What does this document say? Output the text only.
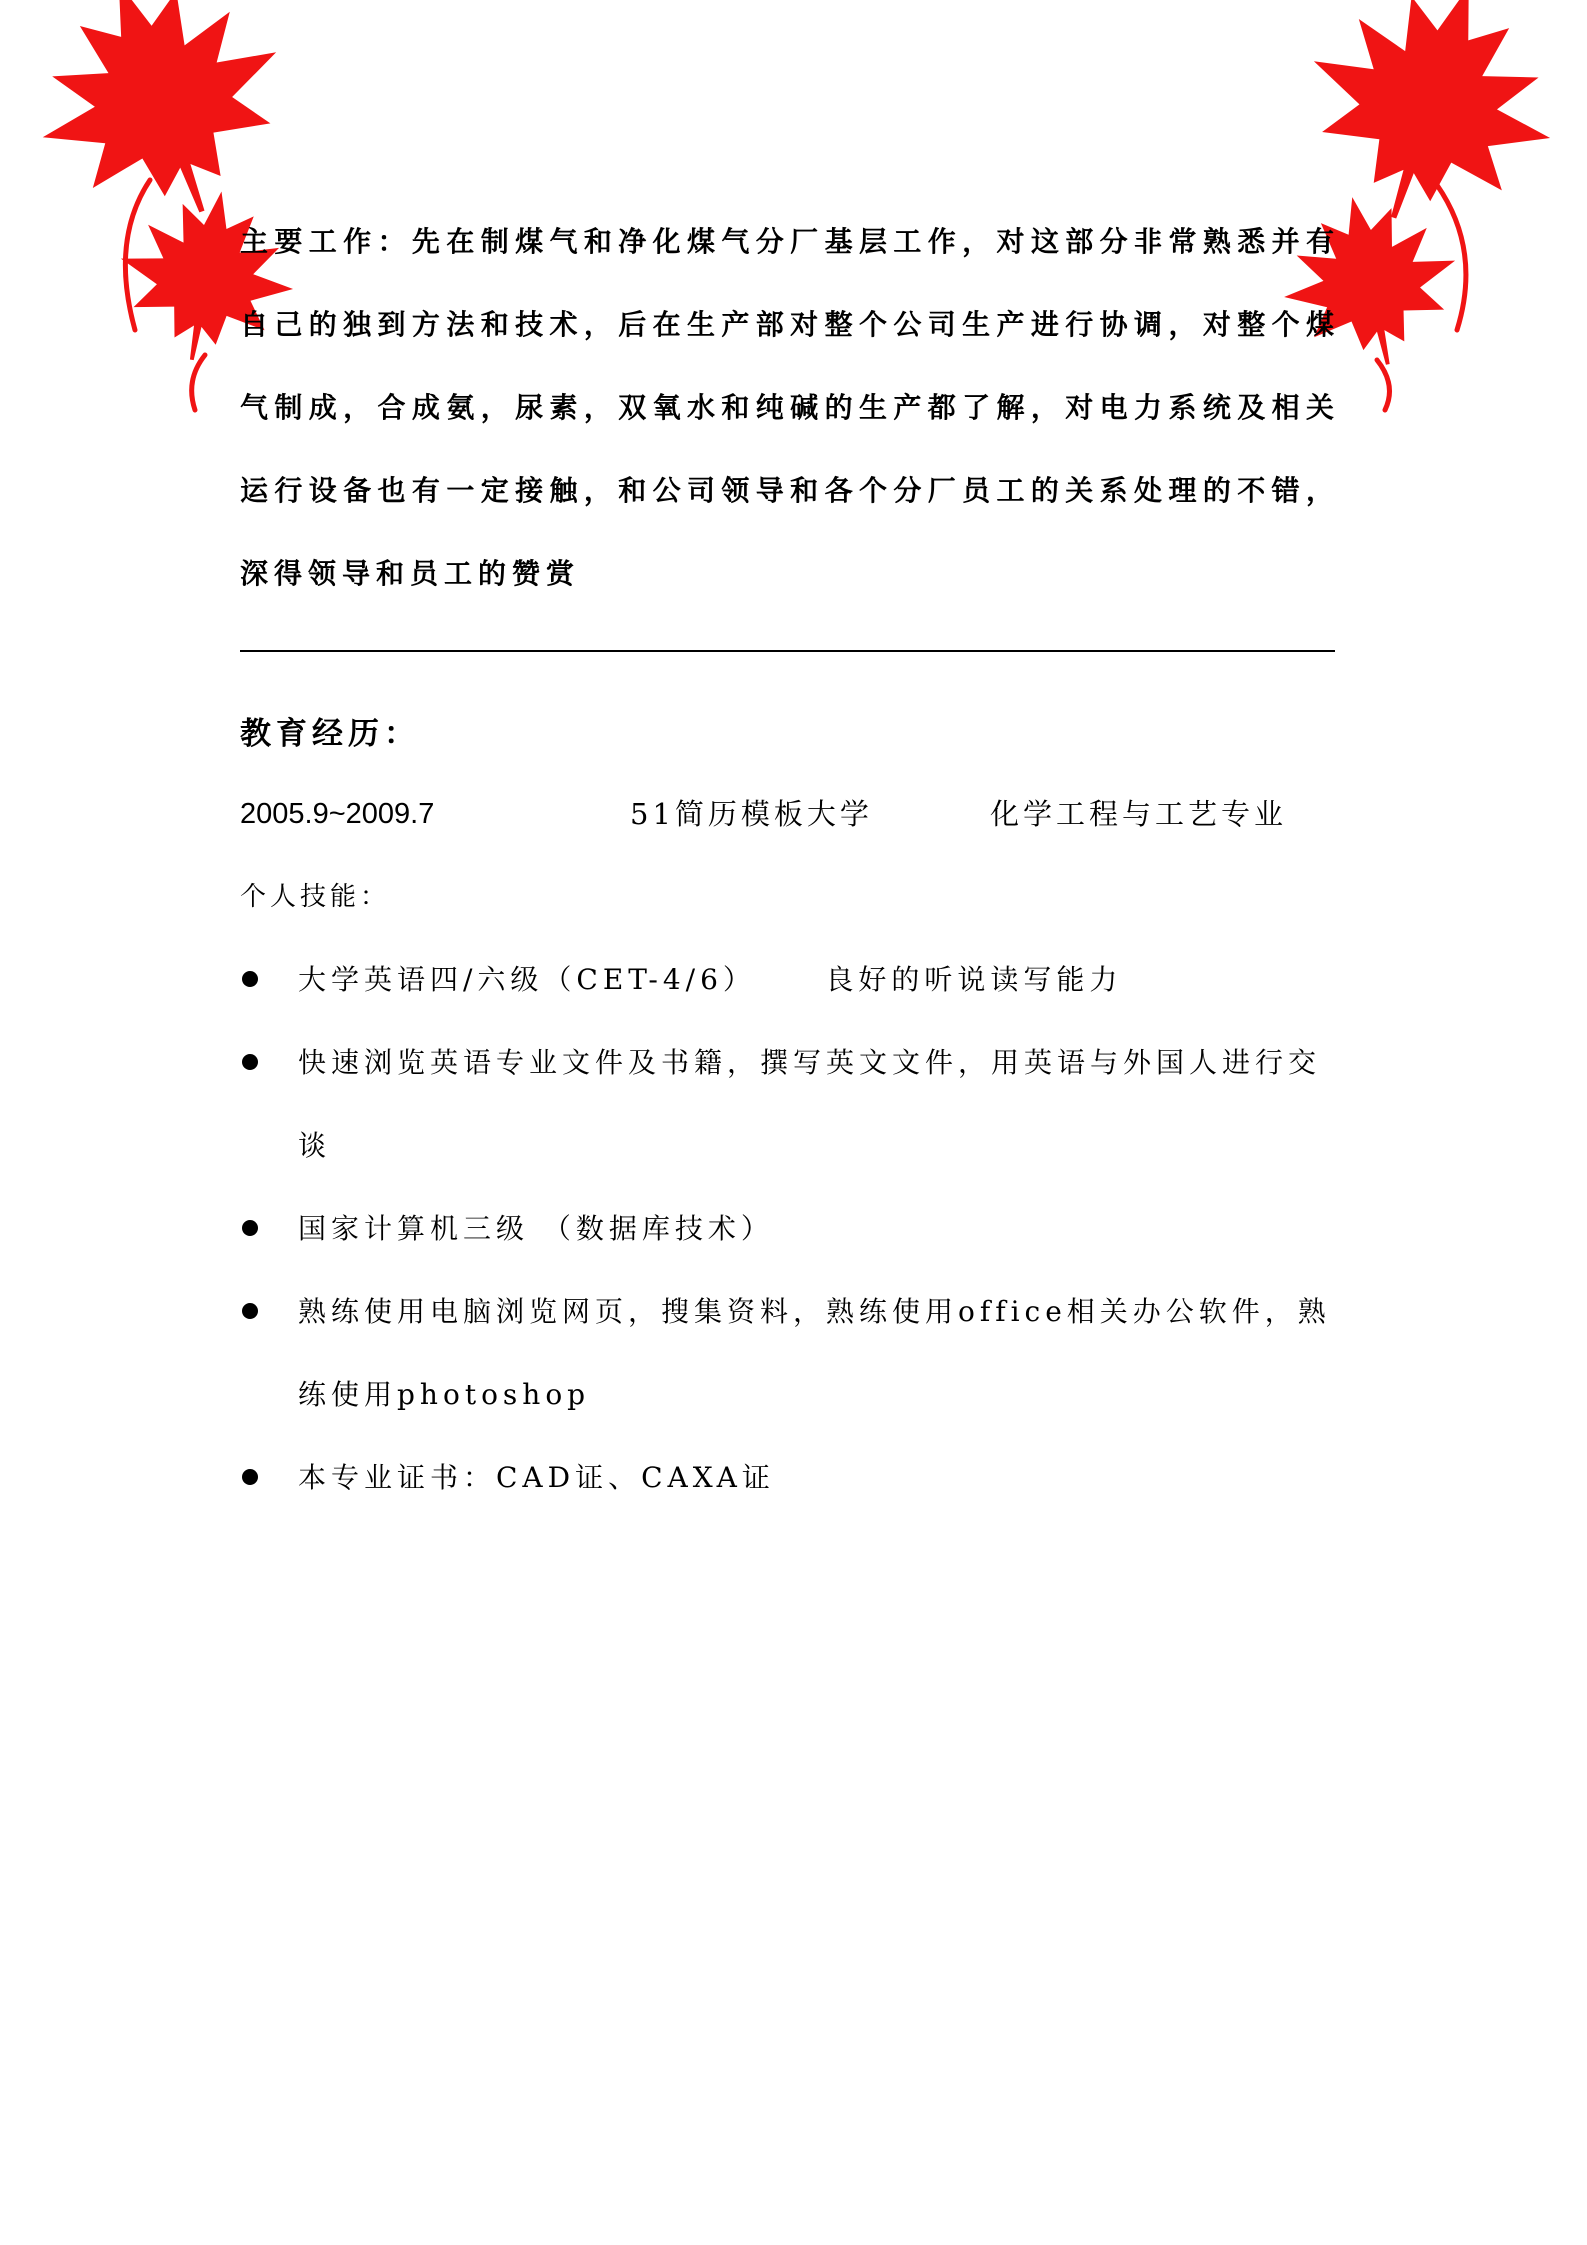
主要工作：先在制煤气和净化煤气分厂基层工作，对这部分非常熟悉并有自己的独到方法和技术，后在生产部对整个公司生产进行协调，对整个煤气制成，合成氨，尿素，双氧水和纯碱的生产都了解，对电力系统及相关运行设备也有一定接触，和公司领导和各个分厂员工的关系处理的不错，深得领导和员工的赞赏

教育经历：
2005.9~2009.7	51简历模板大学	化学工程与工艺专业
个人技能：
大学英语四/六级（CET-4/6）     良好的听说读写能力
快速浏览英语专业文件及书籍，撰写英文文件，用英语与外国人进行交谈
国家计算机三级 （数据库技术）
熟练使用电脑浏览网页，搜集资料，熟练使用office相关办公软件，熟练使用photoshop
本专业证书：CAD证、CAXA证
